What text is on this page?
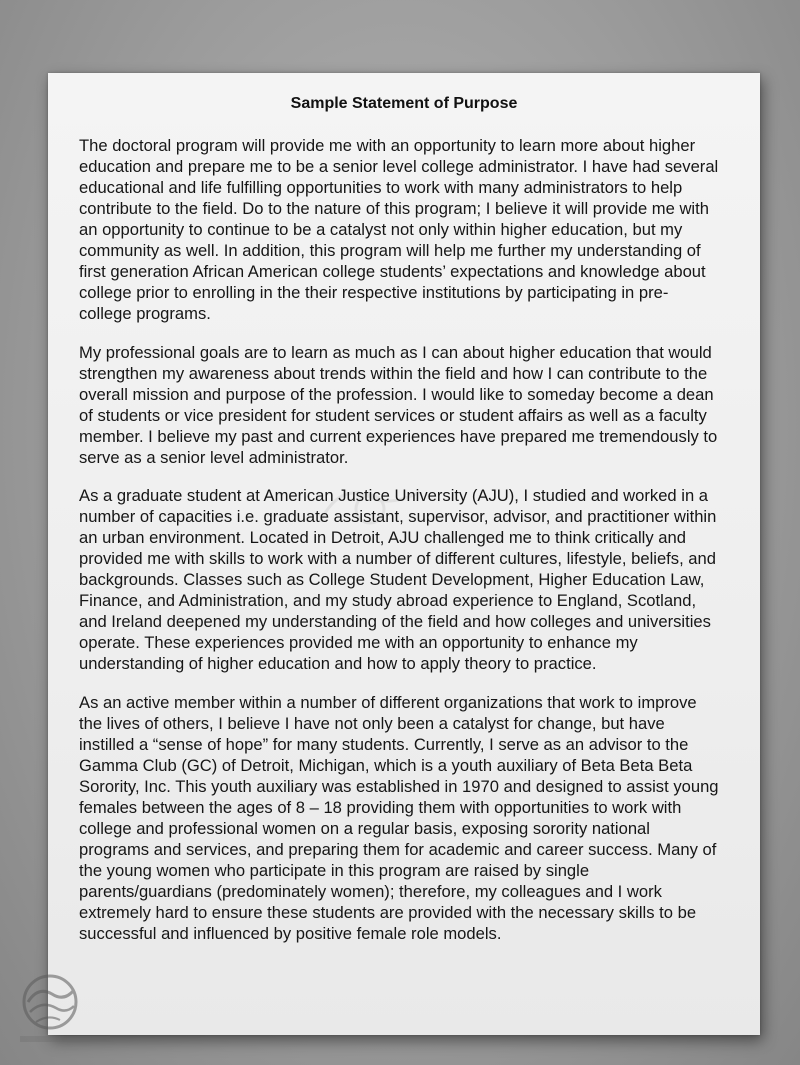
Sample Statement of Purpose

The doctoral program will provide me with an opportunity to learn more about higher education and prepare me to be a senior level college administrator. I have had several educational and life fulfilling opportunities to work with many administrators to help contribute to the field. Do to the nature of this program; I believe it will provide me with an opportunity to continue to be a catalyst not only within higher education, but my community as well. In addition, this program will help me further my understanding of first generation African American college students’ expectations and knowledge about college prior to enrolling in the their respective institutions by participating in pre-college programs.

My professional goals are to learn as much as I can about higher education that would strengthen my awareness about trends within the field and how I can contribute to the overall mission and purpose of the profession. I would like to someday become a dean of students or vice president for student services or student affairs as well as a faculty member. I believe my past and current experiences have prepared me tremendously to serve as a senior level administrator.

As a graduate student at American Justice University (AJU), I studied and worked in a number of capacities i.e. graduate assistant, supervisor, advisor, and practitioner within an urban environment. Located in Detroit, AJU challenged me to think critically and provided me with skills to work with a number of different cultures, lifestyle, beliefs, and backgrounds. Classes such as College Student Development, Higher Education Law, Finance, and Administration, and my study abroad experience to England, Scotland, and Ireland deepened my understanding of the field and how colleges and universities operate. These experiences provided me with an opportunity to enhance my understanding of higher education and how to apply theory to practice.

As an active member within a number of different organizations that work to improve the lives of others, I believe I have not only been a catalyst for change, but have instilled a “sense of hope” for many students. Currently, I serve as an advisor to the Gamma Club (GC) of Detroit, Michigan, which is a youth auxiliary of Beta Beta Beta Sorority, Inc. This youth auxiliary was established in 1970 and designed to assist young females between the ages of 8 – 18 providing them with opportunities to work with college and professional women on a regular basis, exposing sorority national programs and services, and preparing them for academic and career success. Many of the young women who participate in this program are raised by single parents/guardians (predominately women); therefore, my colleagues and I work extremely hard to ensure these students are provided with the necessary skills to be successful and influenced by positive female role models.
